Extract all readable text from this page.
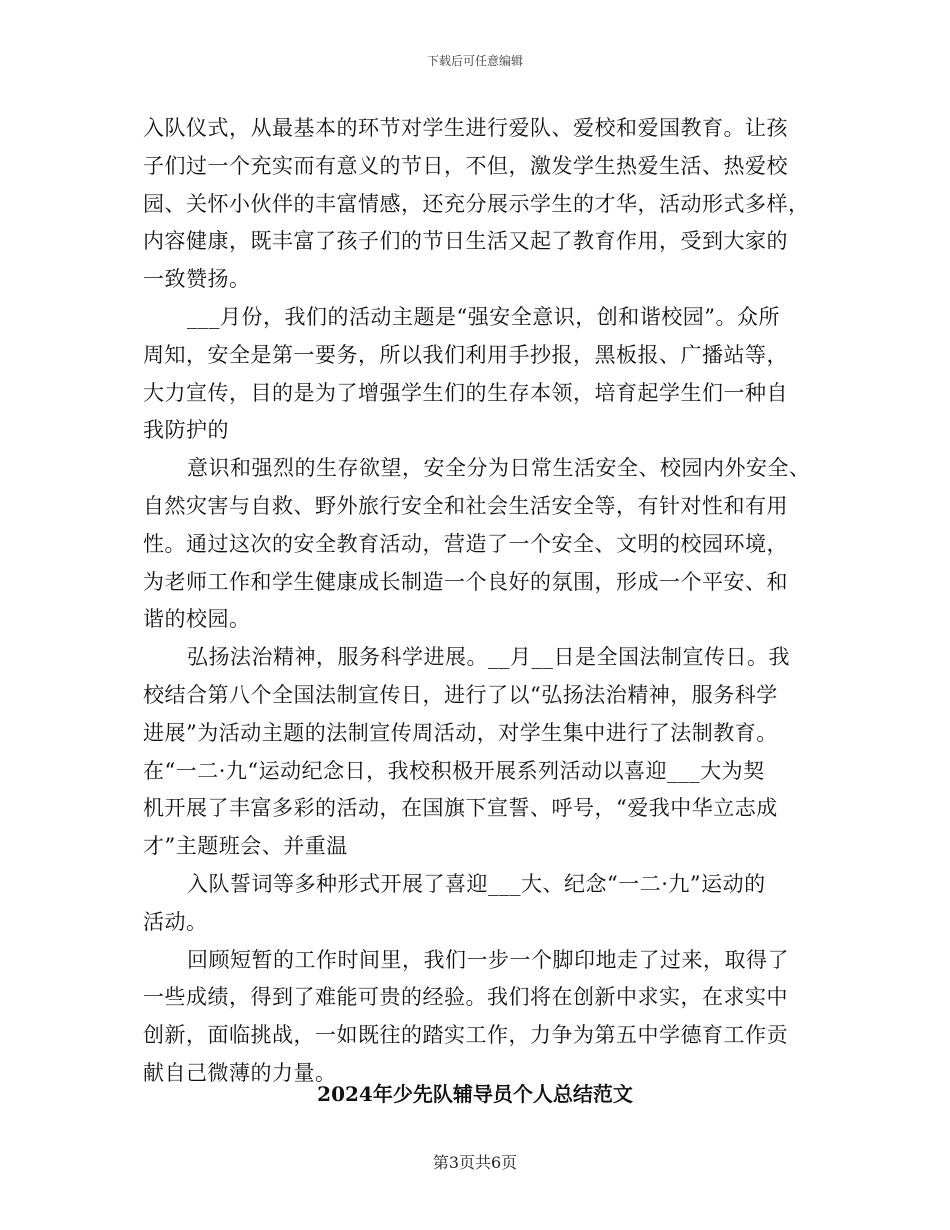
下载后可任意编辑
入队仪式，从最基本的环节对学生进行爱队、爱校和爱国教育。让孩
子们过一个充实而有意义的节日，不但，激发学生热爱生活、热爱校
园、关怀小伙伴的丰富情感，还充分展示学生的才华，活动形式多样，
内容健康，既丰富了孩子们的节日生活又起了教育作用，受到大家的
一致赞扬。
___月份，我们的活动主题是“强安全意识，创和谐校园”。众所
周知，安全是第一要务，所以我们利用手抄报，黑板报、广播站等，
大力宣传，目的是为了增强学生们的生存本领，培育起学生们一种自
我防护的
意识和强烈的生存欲望，安全分为日常生活安全、校园内外安全、
自然灾害与自救、野外旅行安全和社会生活安全等，有针对性和有用
性。通过这次的安全教育活动，营造了一个安全、文明的校园环境，
为老师工作和学生健康成长制造一个良好的氛围，形成一个平安、和
谐的校园。
弘扬法治精神，服务科学进展。__月__日是全国法制宣传日。我
校结合第八个全国法制宣传日，进行了以“弘扬法治精神，服务科学
进展”为活动主题的法制宣传周活动，对学生集中进行了法制教育。
在“一二·九“运动纪念日，我校积极开展系列活动以喜迎___大为契
机开展了丰富多彩的活动，在国旗下宣誓、呼号，“爱我中华立志成
才”主题班会、并重温
入队誓词等多种形式开展了喜迎___大、纪念“一二·九”运动的
活动。
回顾短暂的工作时间里，我们一步一个脚印地走了过来，取得了
一些成绩，得到了难能可贵的经验。我们将在创新中求实，在求实中
创新，面临挑战，一如既往的踏实工作，力争为第五中学德育工作贡
献自己微薄的力量。
2024年少先队辅导员个人总结范文
第3页共6页
